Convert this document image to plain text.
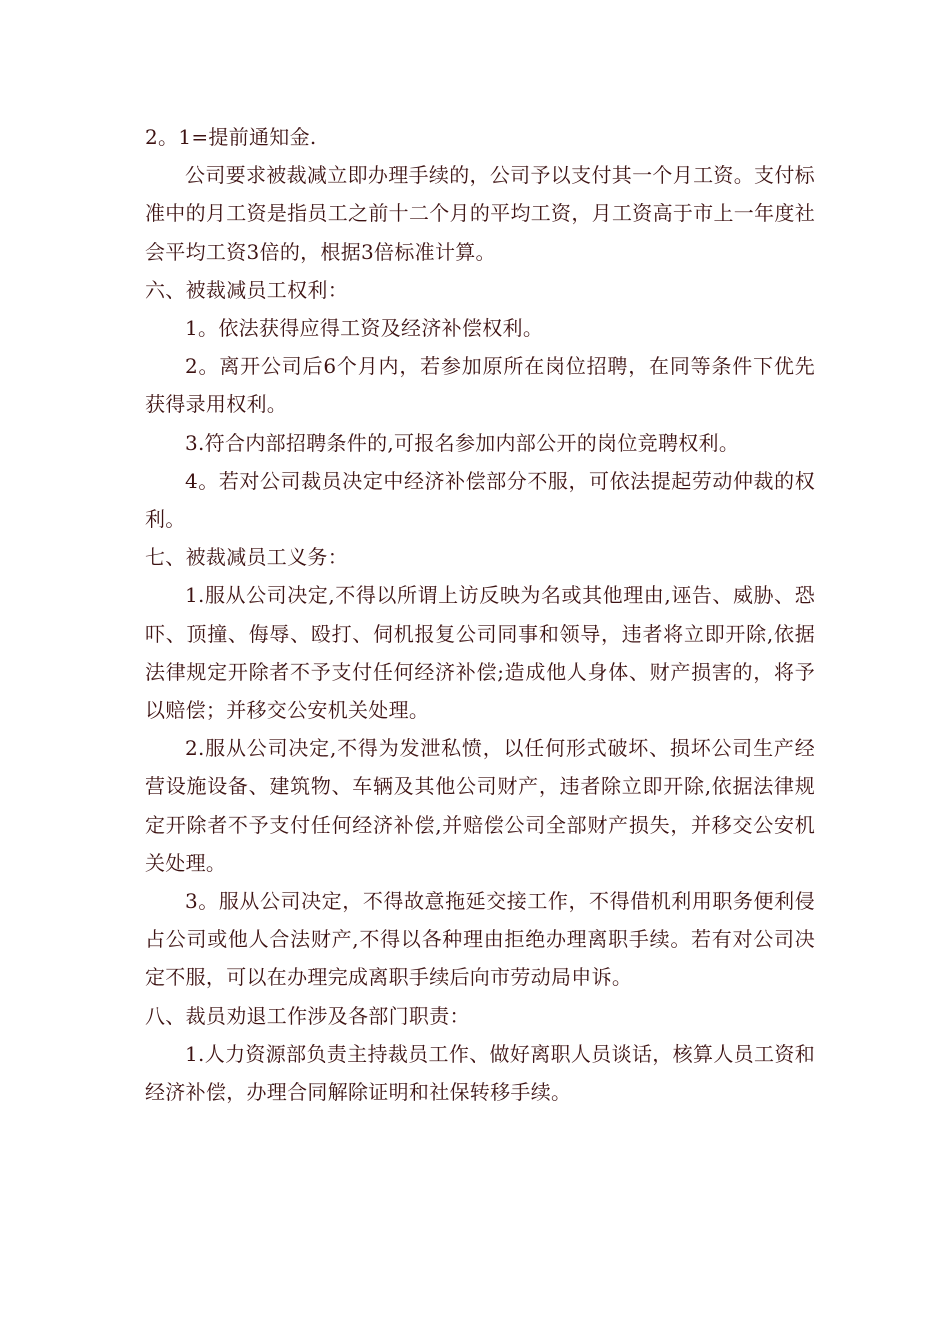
2。1=提前通知金.

公司要求被裁减立即办理手续的，公司予以支付其一个月工资。支付标准中的月工资是指员工之前十二个月的平均工资，月工资高于市上一年度社会平均工资3倍的，根据3倍标准计算。

六、被裁减员工权利：

1。依法获得应得工资及经济补偿权利。

2。离开公司后6个月内，若参加原所在岗位招聘，在同等条件下优先获得录用权利。

3.符合内部招聘条件的,可报名参加内部公开的岗位竞聘权利。

4。若对公司裁员决定中经济补偿部分不服，可依法提起劳动仲裁的权利。

七、被裁减员工义务：

1.服从公司决定,不得以所谓上访反映为名或其他理由,诬告、威胁、恐吓、顶撞、侮辱、殴打、伺机报复公司同事和领导，违者将立即开除,依据法律规定开除者不予支付任何经济补偿;造成他人身体、财产损害的，将予以赔偿；并移交公安机关处理。

2.服从公司决定,不得为发泄私愤，以任何形式破坏、损坏公司生产经营设施设备、建筑物、车辆及其他公司财产，违者除立即开除,依据法律规定开除者不予支付任何经济补偿,并赔偿公司全部财产损失，并移交公安机关处理。

3。服从公司决定，不得故意拖延交接工作，不得借机利用职务便利侵占公司或他人合法财产,不得以各种理由拒绝办理离职手续。若有对公司决定不服，可以在办理完成离职手续后向市劳动局申诉。

八、裁员劝退工作涉及各部门职责：

1.人力资源部负责主持裁员工作、做好离职人员谈话，核算人员工资和经济补偿，办理合同解除证明和社保转移手续。
